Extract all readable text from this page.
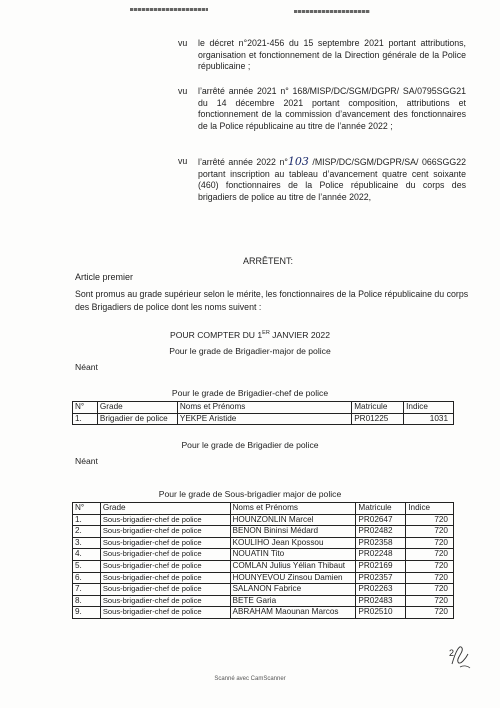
vu le décret n°2021-456 du 15 septembre 2021 portant attributions, organisation et fonctionnement de la Direction générale de la Police républicaine ;
vu l’arrêté année 2021 n° 168/MISP/DC/SGM/DGPR/ SA/0795SGG21 du 14 décembre 2021 portant composition, attributions et fonctionnement de la commission d’avancement des fonctionnaires de la Police républicaine au titre de l’année 2022 ;
vu l’arrêté année 2022 n°103 /MISP/DC/SGM/DGPR/SA/ 066SGG22 portant inscription au tableau d’avancement quatre cent soixante (460) fonctionnaires de la Police républicaine du corps des brigadiers de police au titre de l’année 2022,
ARRÊTENT:
Article premier
Sont promus au grade supérieur selon le mérite, les fonctionnaires de la Police républicaine du corps des Brigadiers de police dont les noms suivent :
POUR COMPTER DU 1ER JANVIER 2022
Pour le grade de Brigadier-major de police
Néant
Pour le grade de Brigadier-chef de police
N°	Grade	Noms et Prénoms	Matricule	Indice
1.	Brigadier de police	YEKPE Aristide	PR01225	1031
Pour le grade de Brigadier de police
Néant
Pour le grade de Sous-brigadier major de police
N°	Grade	Noms et Prénoms	Matricule	Indice
1.	Sous-brigadier-chef de police	HOUNZONLIN Marcel	PR02647	720
2.	Sous-brigadier-chef de police	BENON Bininsi Médard	PR02482	720
3.	Sous-brigadier-chef de police	KOULIHO Jean Kpossou	PR02358	720
4.	Sous-brigadier-chef de police	NOUATIN Tito	PR02248	720
5.	Sous-brigadier-chef de police	COMLAN Julius Yélian Thibaut	PR02169	720
6.	Sous-brigadier-chef de police	HOUNYEVOU Zinsou Damien	PR02357	720
7.	Sous-brigadier-chef de police	SALANON Fabrice	PR02263	720
8.	Sous-brigadier-chef de police	BETE Garia	PR02483	720
9.	Sous-brigadier-chef de police	ABRAHAM Maounan Marcos	PR02510	720
2
Scanné avec CamScanner
